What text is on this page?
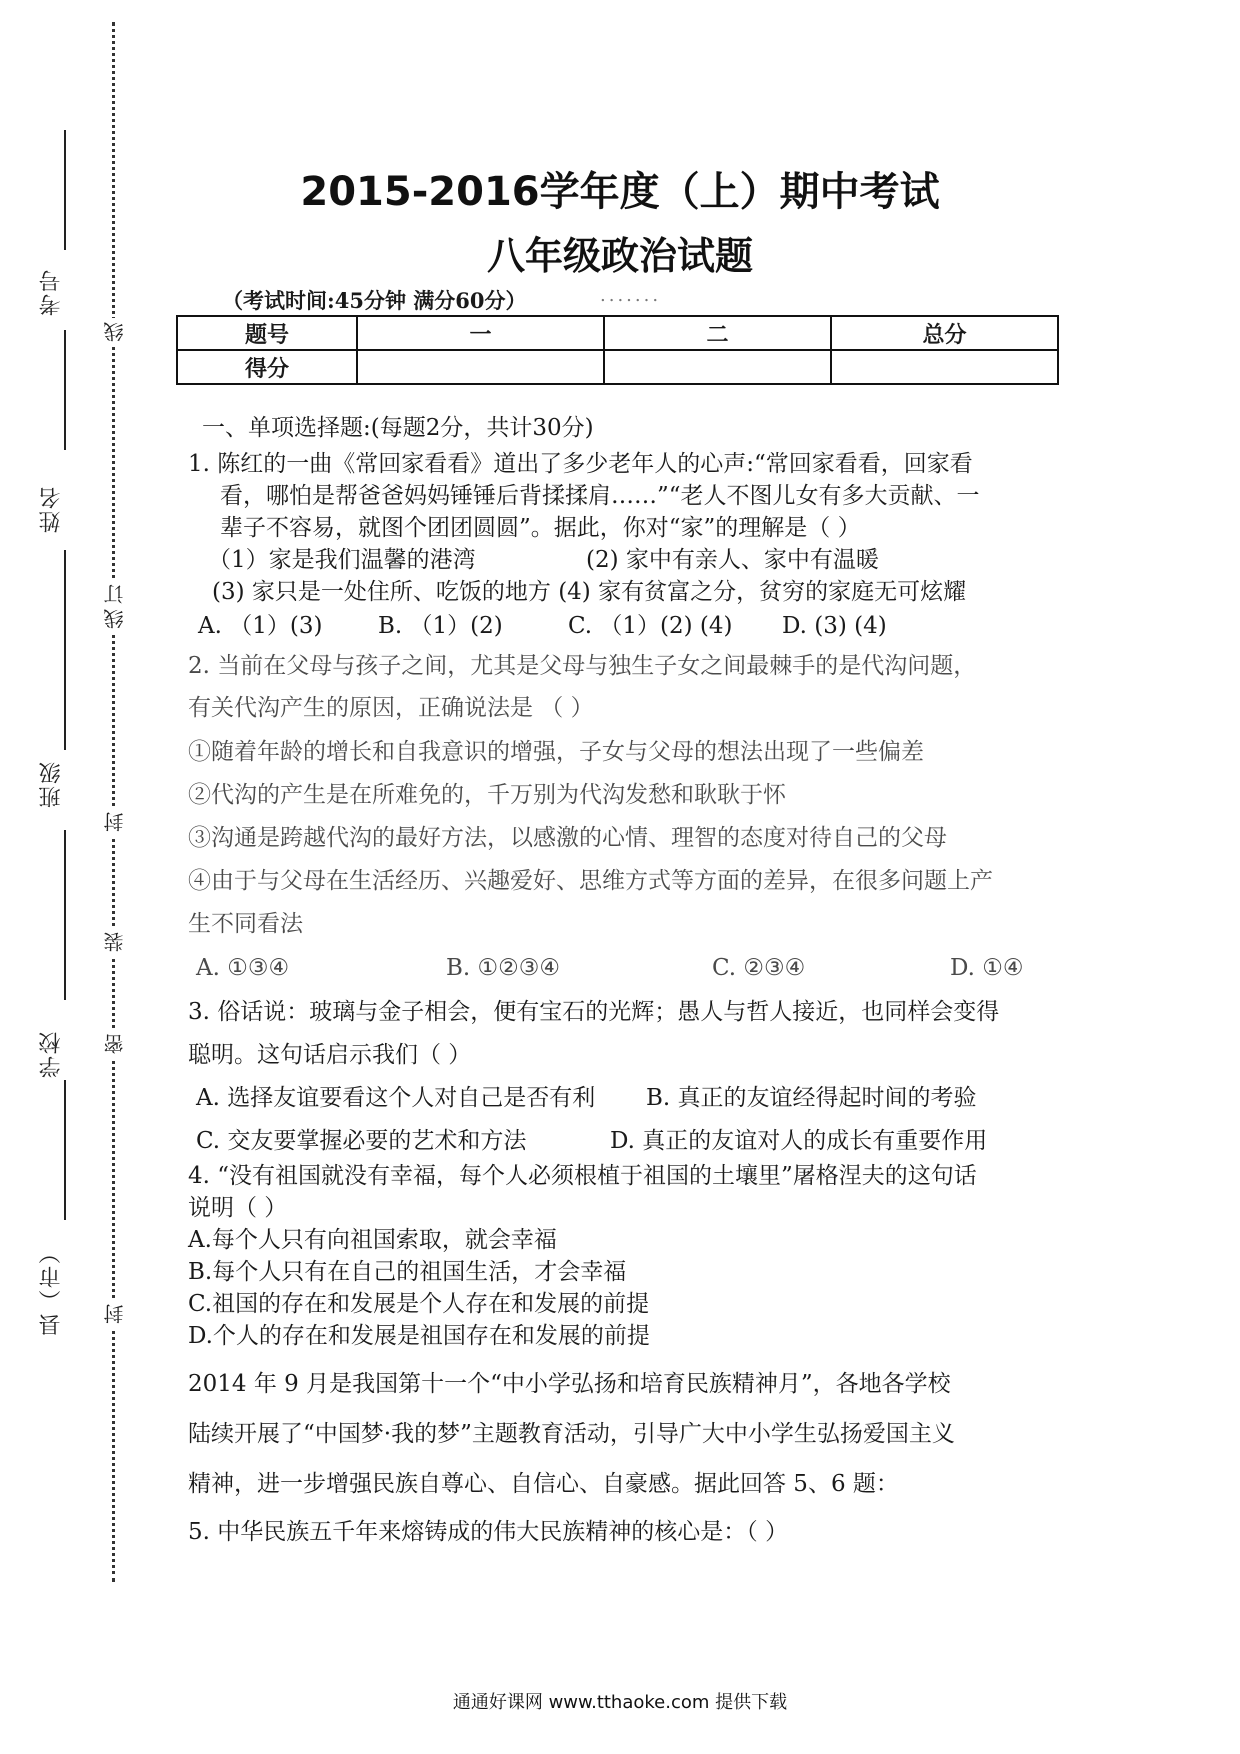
考号
姓名
班级
学校
县（市）
线
订
线
封
装
密
封
2015-2016学年度（上）期中考试
八年级政治试题
（考试时间:45分钟 满分60分）	.......
题号	一	二	总分
得分			
一、单项选择题:(每题2分，共计30分)
1. 陈红的一曲《常回家看看》道出了多少老年人的心声:“常回家看看，回家看
看，哪怕是帮爸爸妈妈锤锤后背揉揉肩……”“老人不图儿女有多大贡献、一
辈子不容易，就图个团团圆圆”。据此，你对“家”的理解是（ ）
（1）家是我们温馨的港湾	(2) 家中有亲人、家中有温暖
(3) 家只是一处住所、吃饭的地方 (4) 家有贫富之分，贫穷的家庭无可炫耀
A. （1）(3) B. （1）(2)	C. （1）(2) (4) D. (3) (4)
2. 当前在父母与孩子之间，尤其是父母与独生子女之间最棘手的是代沟问题，
有关代沟产生的原因，正确说法是 （ ）
①随着年龄的增长和自我意识的增强，子女与父母的想法出现了一些偏差
②代沟的产生是在所难免的，千万别为代沟发愁和耿耿于怀
③沟通是跨越代沟的最好方法，以感激的心情、理智的态度对待自己的父母
④由于与父母在生活经历、兴趣爱好、思维方式等方面的差异，在很多问题上产
生不同看法
A. ①③④	B. ①②③④	C. ②③④	D. ①④
3. 俗话说：玻璃与金子相会，便有宝石的光辉；愚人与哲人接近，也同样会变得
聪明。这句话启示我们（ ）
A. 选择友谊要看这个人对自己是否有利 B. 真正的友谊经得起时间的考验
C. 交友要掌握必要的艺术和方法	D. 真正的友谊对人的成长有重要作用
4. “没有祖国就没有幸福，每个人必须根植于祖国的土壤里”屠格涅夫的这句话
说明（ ）
A.每个人只有向祖国索取，就会幸福
B.每个人只有在自己的祖国生活，才会幸福
C.祖国的存在和发展是个人存在和发展的前提
D.个人的存在和发展是祖国存在和发展的前提
2014 年 9 月是我国第十一个“中小学弘扬和培育民族精神月”，各地各学校
陆续开展了“中国梦·我的梦”主题教育活动，引导广大中小学生弘扬爱国主义
精神，进一步增强民族自尊心、自信心、自豪感。据此回答 5、6 题：
5. 中华民族五千年来熔铸成的伟大民族精神的核心是：（ ）
通通好课网 www.tthaoke.com 提供下载
